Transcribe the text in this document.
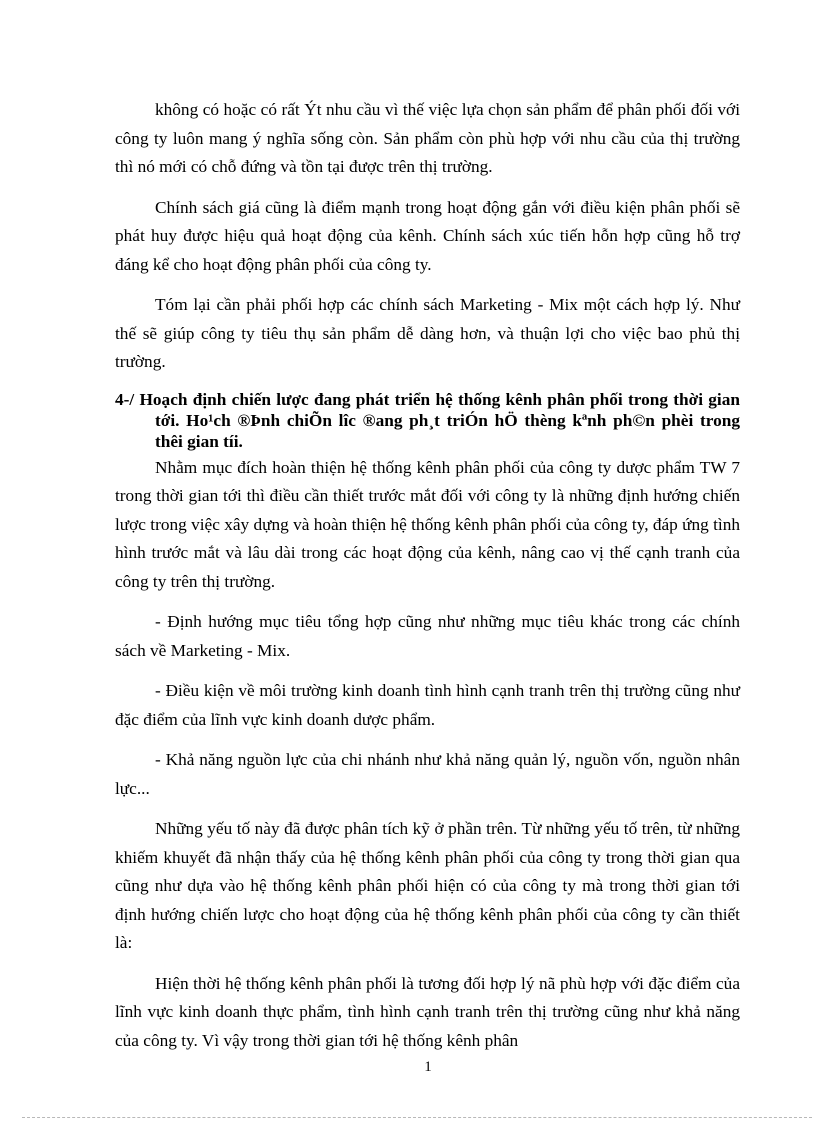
không có hoặc có rất Ýt nhu cầu vì thế việc lựa chọn sản phẩm để phân phối đối với công ty luôn mang ý nghĩa sống còn. Sản phẩm còn phù hợp với nhu cầu của thị trường thì nó mới có chỗ đứng và tồn tại được trên thị trường.

Chính sách giá cũng là điểm mạnh trong hoạt động gắn với điều kiện phân phối sẽ phát huy được hiệu quả hoạt động của kênh. Chính sách xúc tiến hỗn hợp cũng hỗ trợ đáng kể cho hoạt động phân phối của công ty.

Tóm lại cần phải phối hợp các chính sách Marketing - Mix một cách hợp lý. Như thế sẽ giúp công ty tiêu thụ sản phẩm dễ dàng hơn, và thuận lợi cho việc bao phủ thị trường.

4-/ Hoạch định chiến lược đang phát triển hệ thống kênh phân phối trong thời gian tới. Ho¹ch ®Þnh chiÕn lîc ®ang ph¸t triÓn hÖ thèng kªnh ph©n phèi trong thêi gian tíi.

Nhằm mục đích hoàn thiện hệ thống kênh phân phối của công ty dược phẩm TW 7 trong thời gian tới thì điều cần thiết trước mắt đối với công ty là những định hướng chiến lược trong việc xây dựng và hoàn thiện hệ thống kênh phân phối của công ty, đáp ứng tình hình trước mắt và lâu dài trong các hoạt động của kênh, nâng cao vị thế cạnh tranh của công ty trên thị trường.

- Định hướng mục tiêu tổng hợp cũng như những mục tiêu khác trong các chính sách về Marketing - Mix.

- Điều kiện về môi trường kinh doanh tình hình cạnh tranh trên thị trường cũng như đặc điểm của lĩnh vực kinh doanh dược phẩm.

- Khả năng nguồn lực của chi nhánh như khả năng quản lý, nguồn vốn, nguồn nhân lực...

Những yếu tố này đã được phân tích kỹ ở phần trên. Từ những yếu tố trên, từ những khiếm khuyết đã nhận thấy của hệ thống kênh phân phối của công ty trong thời gian qua cũng như dựa vào hệ thống kênh phân phối hiện có của công ty mà trong thời gian tới định hướng chiến lược cho hoạt động của hệ thống kênh phân phối của công ty cần thiết là:

Hiện thời hệ thống kênh phân phối là tương đối hợp lý nã phù hợp với đặc điểm của lĩnh vực kinh doanh thực phẩm, tình hình cạnh tranh trên thị trường cũng như khả năng của công ty. Vì vậy trong thời gian tới hệ thống kênh phân

1
